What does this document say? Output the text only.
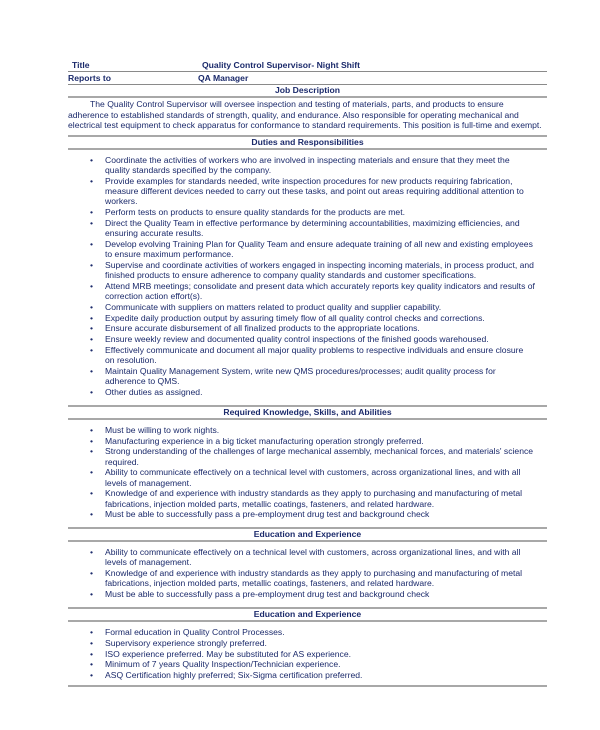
Title	Quality Control Supervisor- Night Shift
Reports to	QA Manager
Job Description
The Quality Control Supervisor will oversee inspection and testing of materials, parts, and products to ensure adherence to established standards of strength, quality, and endurance. Also responsible for operating mechanical and electrical test equipment to check apparatus for conformance to standard requirements. This position is full-time and exempt.
Duties and Responsibilities
• Coordinate the activities of workers who are involved in inspecting materials and ensure that they meet the quality standards specified by the company.
• Provide examples for standards needed, write inspection procedures for new products requiring fabrication, measure different devices needed to carry out these tasks, and point out areas requiring additional attention to workers.
• Perform tests on products to ensure quality standards for the products are met.
• Direct the Quality Team in effective performance by determining accountabilities, maximizing efficiencies, and ensuring accurate results.
• Develop evolving Training Plan for Quality Team and ensure adequate training of all new and existing employees to ensure maximum performance.
• Supervise and coordinate activities of workers engaged in inspecting incoming materials, in process product, and finished products to ensure adherence to company quality standards and customer specifications.
• Attend MRB meetings; consolidate and present data which accurately reports key quality indicators and results of correction action effort(s).
• Communicate with suppliers on matters related to product quality and supplier capability.
• Expedite daily production output by assuring timely flow of all quality control checks and corrections.
• Ensure accurate disbursement of all finalized products to the appropriate locations.
• Ensure weekly review and documented quality control inspections of the finished goods warehoused.
• Effectively communicate and document all major quality problems to respective individuals and ensure closure on resolution.
• Maintain Quality Management System, write new QMS procedures/processes; audit quality process for adherence to QMS.
• Other duties as assigned.
Required Knowledge, Skills, and Abilities
• Must be willing to work nights.
• Manufacturing experience in a big ticket manufacturing operation strongly preferred.
• Strong understanding of the challenges of large mechanical assembly, mechanical forces, and materials' science required.
• Ability to communicate effectively on a technical level with customers, across organizational lines, and with all levels of management.
• Knowledge of and experience with industry standards as they apply to purchasing and manufacturing of metal fabrications, injection molded parts, metallic coatings, fasteners, and related hardware.
• Must be able to successfully pass a pre-employment drug test and background check
Education and Experience
• Ability to communicate effectively on a technical level with customers, across organizational lines, and with all levels of management.
• Knowledge of and experience with industry standards as they apply to purchasing and manufacturing of metal fabrications, injection molded parts, metallic coatings, fasteners, and related hardware.
• Must be able to successfully pass a pre-employment drug test and background check
Education and Experience
• Formal education in Quality Control Processes.
• Supervisory experience strongly preferred.
• ISO experience preferred. May be substituted for AS experience.
• Minimum of 7 years Quality Inspection/Technician experience.
• ASQ Certification highly preferred; Six-Sigma certification preferred.
